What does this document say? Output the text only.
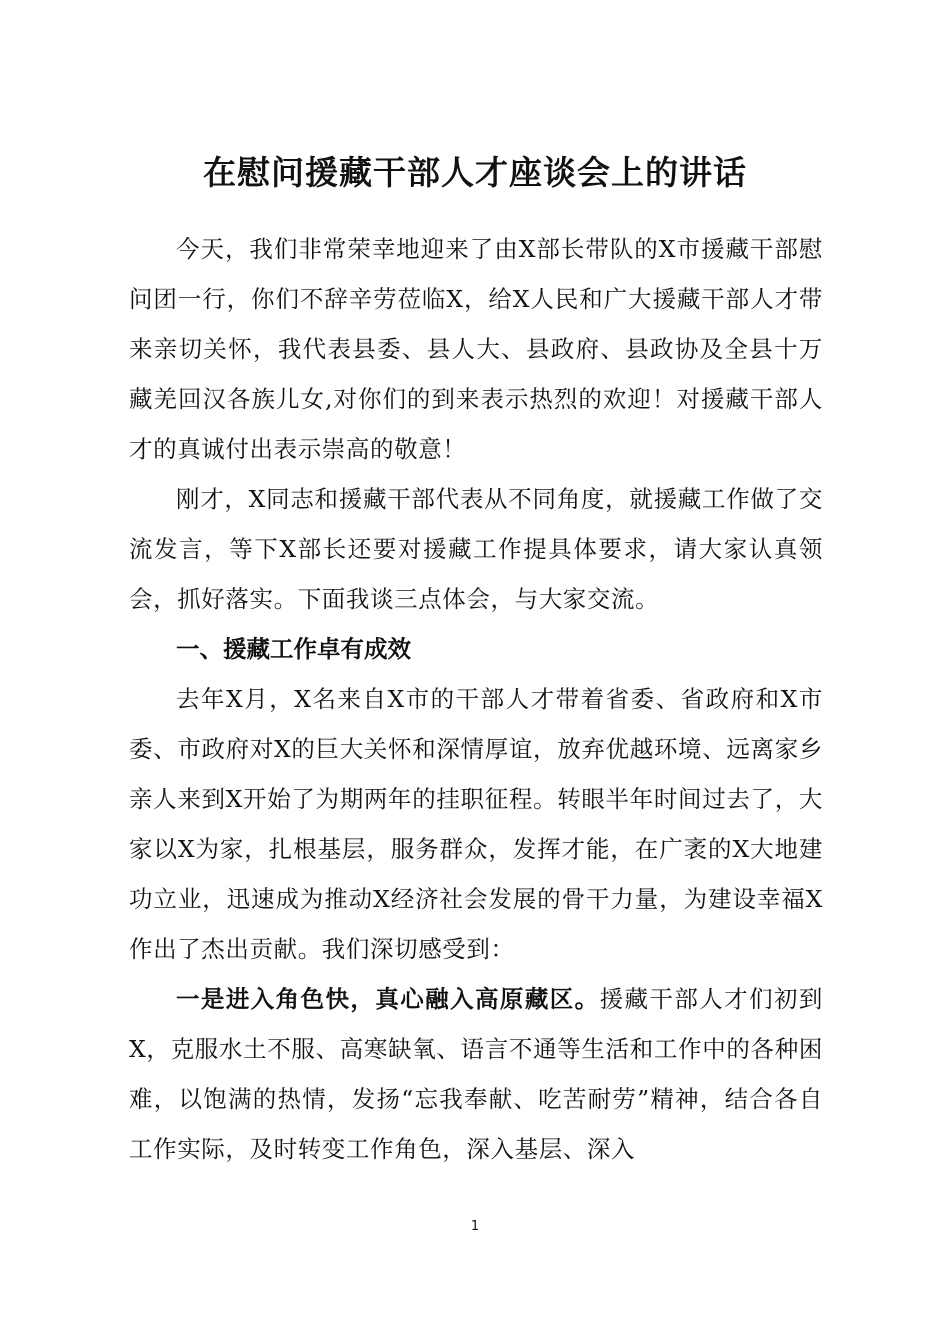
在慰问援藏干部人才座谈会上的讲话

今天，我们非常荣幸地迎来了由X部长带队的X市援藏干部慰问团一行，你们不辞辛劳莅临X，给X人民和广大援藏干部人才带来亲切关怀，我代表县委、县人大、县政府、县政协及全县十万藏羌回汉各族儿女,对你们的到来表示热烈的欢迎！对援藏干部人才的真诚付出表示崇高的敬意！

刚才，X同志和援藏干部代表从不同角度，就援藏工作做了交流发言，等下X部长还要对援藏工作提具体要求，请大家认真领会，抓好落实。下面我谈三点体会，与大家交流。

一、援藏工作卓有成效

去年X月，X名来自X市的干部人才带着省委、省政府和X市委、市政府对X的巨大关怀和深情厚谊，放弃优越环境、远离家乡亲人来到X开始了为期两年的挂职征程。转眼半年时间过去了，大家以X为家，扎根基层，服务群众，发挥才能，在广袤的X大地建功立业，迅速成为推动X经济社会发展的骨干力量，为建设幸福X作出了杰出贡献。我们深切感受到：

一是进入角色快，真心融入高原藏区。援藏干部人才们初到X，克服水土不服、高寒缺氧、语言不通等生活和工作中的各种困难，以饱满的热情，发扬“忘我奉献、吃苦耐劳”精神，结合各自工作实际，及时转变工作角色，深入基层、深入

1
